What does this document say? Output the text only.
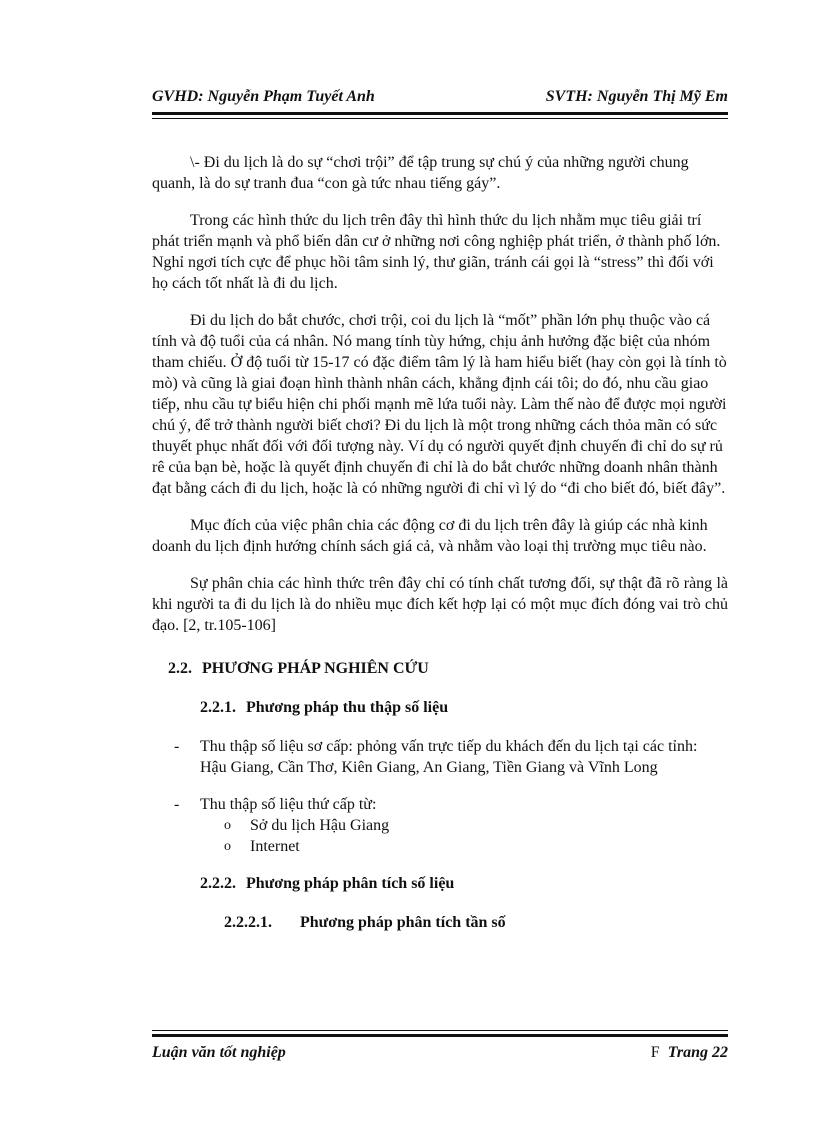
GVHD: Nguyễn Phạm Tuyết Anh	SVTH: Nguyễn Thị Mỹ Em

\- Đi du lịch là do sự “chơi trội” để tập trung sự chú ý của những người chung quanh, là do sự tranh đua “con gà tức nhau tiếng gáy”.

Trong các hình thức du lịch trên đây thì hình thức du lịch nhằm mục tiêu giải trí phát triển mạnh và phổ biến dân cư ở những nơi công nghiệp phát triển, ở thành phố lớn. Nghỉ ngơi tích cực để phục hồi tâm sinh lý, thư giãn, tránh cái gọi là “stress” thì đối với họ cách tốt nhất là đi du lịch.

Đi du lịch do bắt chước, chơi trội, coi du lịch là “mốt” phần lớn phụ thuộc vào cá tính và độ tuổi của cá nhân. Nó mang tính tùy hứng, chịu ảnh hưởng đặc biệt của nhóm tham chiếu. Ở độ tuổi từ 15-17 có đặc điểm tâm lý là ham hiểu biết (hay còn gọi là tính tò mò) và cũng là giai đoạn hình thành nhân cách, khẳng định cái tôi; do đó, nhu cầu giao tiếp, nhu cầu tự biểu hiện chi phối mạnh mẽ lứa tuổi này. Làm thế nào để được mọi người chú ý, để trở thành người biết chơi? Đi du lịch là một trong những cách thỏa mãn có sức thuyết phục nhất đối với đối tượng này. Ví dụ có người quyết định chuyến đi chỉ do sự rủ rê của bạn bè, hoặc là quyết định chuyến đi chỉ là do bắt chước những doanh nhân thành đạt bằng cách đi du lịch, hoặc là có những người đi chỉ vì lý do “đi cho biết đó, biết đây”.

Mục đích của việc phân chia các động cơ đi du lịch trên đây là giúp các nhà kinh doanh du lịch định hướng chính sách giá cả, và nhằm vào loại thị trường mục tiêu nào.

Sự phân chia các hình thức trên đây chỉ có tính chất tương đối, sự thật đã rõ ràng là khi người ta đi du lịch là do nhiều mục đích kết hợp lại có một mục đích đóng vai trò chủ đạo. [2, tr.105-106]

2.2. PHƯƠNG PHÁP NGHIÊN CỨU
2.2.1. Phương pháp thu thập số liệu
- Thu thập số liệu sơ cấp: phỏng vấn trực tiếp du khách đến du lịch tại các tỉnh: Hậu Giang, Cần Thơ, Kiên Giang, An Giang, Tiền Giang và Vĩnh Long
- Thu thập số liệu thứ cấp từ:
o Sở du lịch Hậu Giang
o Internet
2.2.2. Phương pháp phân tích số liệu
2.2.2.1. Phương pháp phân tích tần số
Luận văn tốt nghiệp	F Trang 22
